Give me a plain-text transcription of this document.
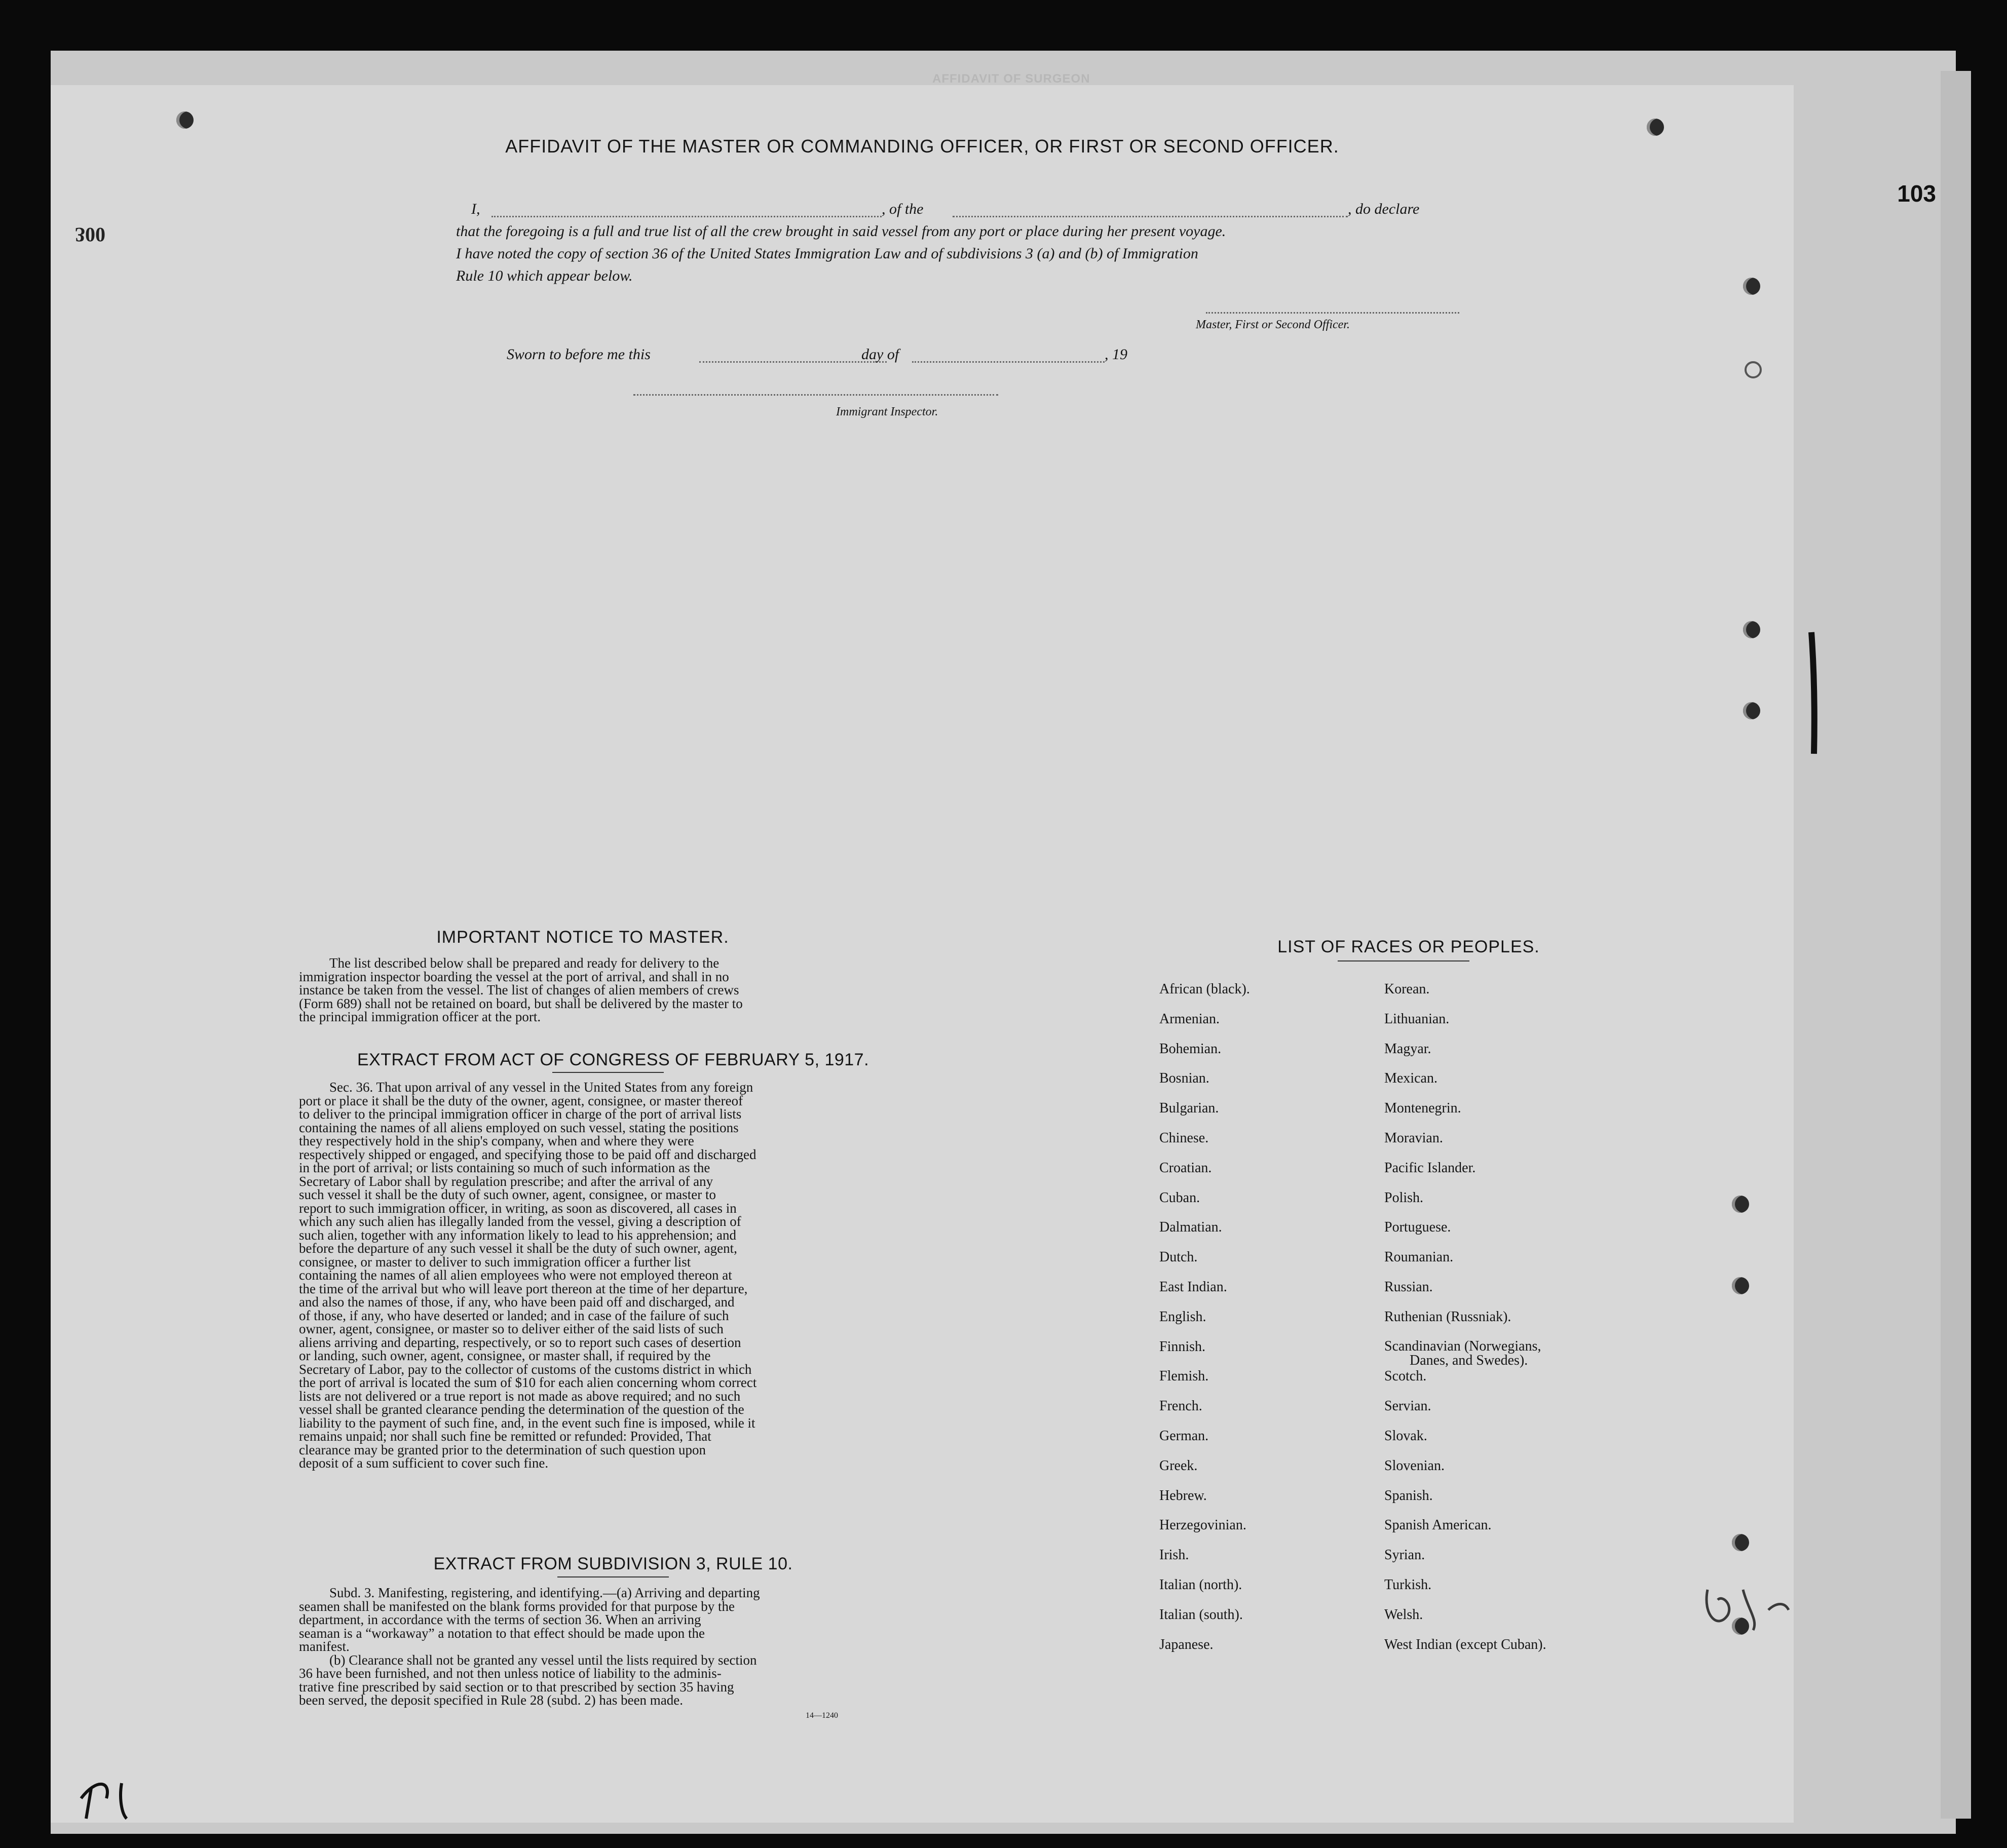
103
300
AFFIDAVIT OF SURGEON
AFFIDAVIT OF THE MASTER OR COMMANDING OFFICER, OR FIRST OR SECOND OFFICER.
I,	, of the	, do declare
that the foregoing is a full and true list of all the crew brought in said vessel from any port or place during her present voyage.
I have noted the copy of section 36 of the United States Immigration Law and of subdivisions 3 (a) and (b) of Immigration
Rule 10 which appear below.
Master, First or Second Officer.
Sworn to before me this	day of	, 19
Immigrant Inspector.
IMPORTANT NOTICE TO MASTER.
The list described below shall be prepared and ready for delivery to the
immigration inspector boarding the vessel at the port of arrival, and shall in no
instance be taken from the vessel. The list of changes of alien members of crews
(Form 689) shall not be retained on board, but shall be delivered by the master to
the principal immigration officer at the port.
EXTRACT FROM ACT OF CONGRESS OF FEBRUARY 5, 1917.
Sec. 36. That upon arrival of any vessel in the United States from any foreign
port or place it shall be the duty of the owner, agent, consignee, or master thereof
to deliver to the principal immigration officer in charge of the port of arrival lists
containing the names of all aliens employed on such vessel, stating the positions
they respectively hold in the ship's company, when and where they were
respectively shipped or engaged, and specifying those to be paid off and discharged
in the port of arrival; or lists containing so much of such information as the
Secretary of Labor shall by regulation prescribe; and after the arrival of any
such vessel it shall be the duty of such owner, agent, consignee, or master to
report to such immigration officer, in writing, as soon as discovered, all cases in
which any such alien has illegally landed from the vessel, giving a description of
such alien, together with any information likely to lead to his apprehension; and
before the departure of any such vessel it shall be the duty of such owner, agent,
consignee, or master to deliver to such immigration officer a further list
containing the names of all alien employees who were not employed thereon at
the time of the arrival but who will leave port thereon at the time of her departure,
and also the names of those, if any, who have been paid off and discharged, and
of those, if any, who have deserted or landed; and in case of the failure of such
owner, agent, consignee, or master so to deliver either of the said lists of such
aliens arriving and departing, respectively, or so to report such cases of desertion
or landing, such owner, agent, consignee, or master shall, if required by the
Secretary of Labor, pay to the collector of customs of the customs district in which
the port of arrival is located the sum of $10 for each alien concerning whom correct
lists are not delivered or a true report is not made as above required; and no such
vessel shall be granted clearance pending the determination of the question of the
liability to the payment of such fine, and, in the event such fine is imposed, while it
remains unpaid; nor shall such fine be remitted or refunded: Provided, That
clearance may be granted prior to the determination of such question upon
deposit of a sum sufficient to cover such fine.
EXTRACT FROM SUBDIVISION 3, RULE 10.
Subd. 3. Manifesting, registering, and identifying.—(a) Arriving and departing
seamen shall be manifested on the blank forms provided for that purpose by the
department, in accordance with the terms of section 36. When an arriving
seaman is a “workaway” a notation to that effect should be made upon the
manifest.
(b) Clearance shall not be granted any vessel until the lists required by section
36 have been furnished, and not then unless notice of liability to the adminis-
trative fine prescribed by said section or to that prescribed by section 35 having
been served, the deposit specified in Rule 28 (subd. 2) has been made.
14—1240
LIST OF RACES OR PEOPLES.
African (black).
Armenian.
Bohemian.
Bosnian.
Bulgarian.
Chinese.
Croatian.
Cuban.
Dalmatian.
Dutch.
East Indian.
English.
Finnish.
Flemish.
French.
German.
Greek.
Hebrew.
Herzegovinian.
Irish.
Italian (north).
Italian (south).
Japanese.
Korean.
Lithuanian.
Magyar.
Mexican.
Montenegrin.
Moravian.
Pacific Islander.
Polish.
Portuguese.
Roumanian.
Russian.
Ruthenian (Russniak).
Scandinavian (Norwegians,
Danes, and Swedes).
Scotch.
Servian.
Slovak.
Slovenian.
Spanish.
Spanish American.
Syrian.
Turkish.
Welsh.
West Indian (except Cuban).
